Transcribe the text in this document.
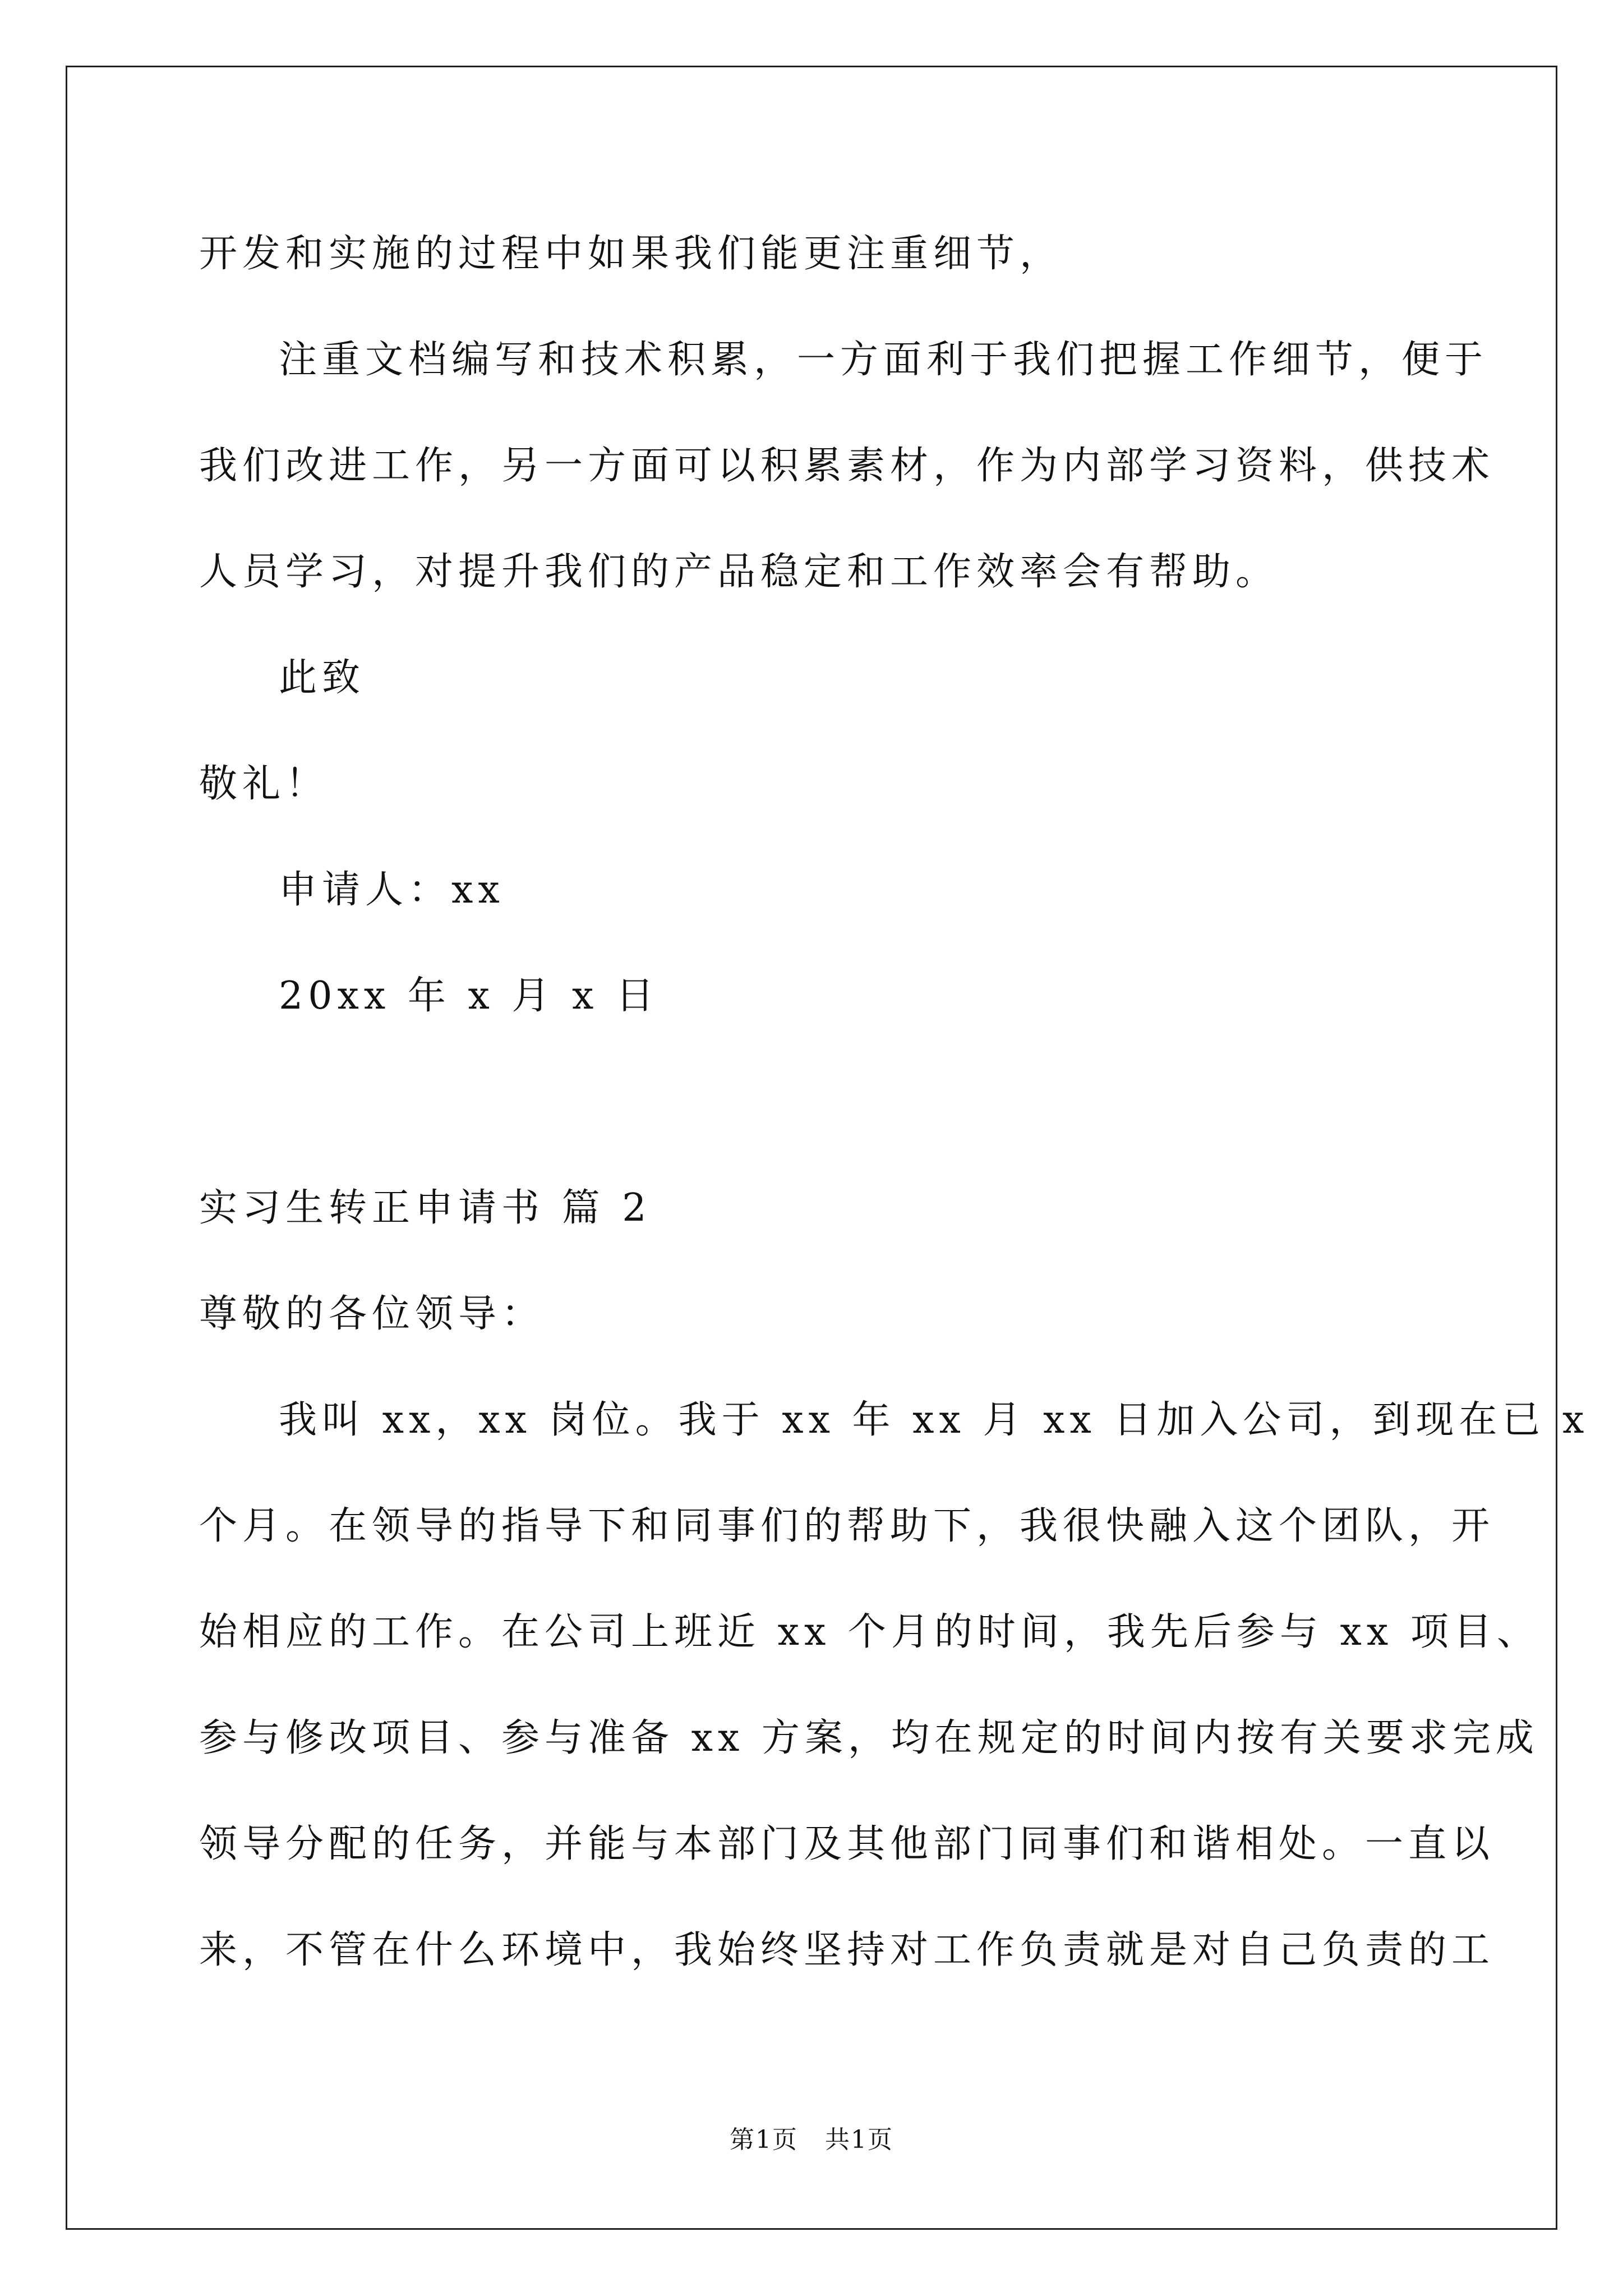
开发和实施的过程中如果我们能更注重细节，
注重文档编写和技术积累，一方面利于我们把握工作细节，便于
我们改进工作，另一方面可以积累素材，作为内部学习资料，供技术
人员学习，对提升我们的产品稳定和工作效率会有帮助。
此致
敬礼！
申请人：xx
20xx 年 x 月 x 日
实习生转正申请书 篇 2
尊敬的各位领导：
我叫 xx，xx 岗位。我于 xx 年 xx 月 xx 日加入公司，到现在已 x
个月。在领导的指导下和同事们的帮助下，我很快融入这个团队，开
始相应的工作。在公司上班近 xx 个月的时间，我先后参与 xx 项目、
参与修改项目、参与准备 xx 方案，均在规定的时间内按有关要求完成
领导分配的任务，并能与本部门及其他部门同事们和谐相处。一直以
来，不管在什么环境中，我始终坚持对工作负责就是对自己负责的工
第1页   共1页
